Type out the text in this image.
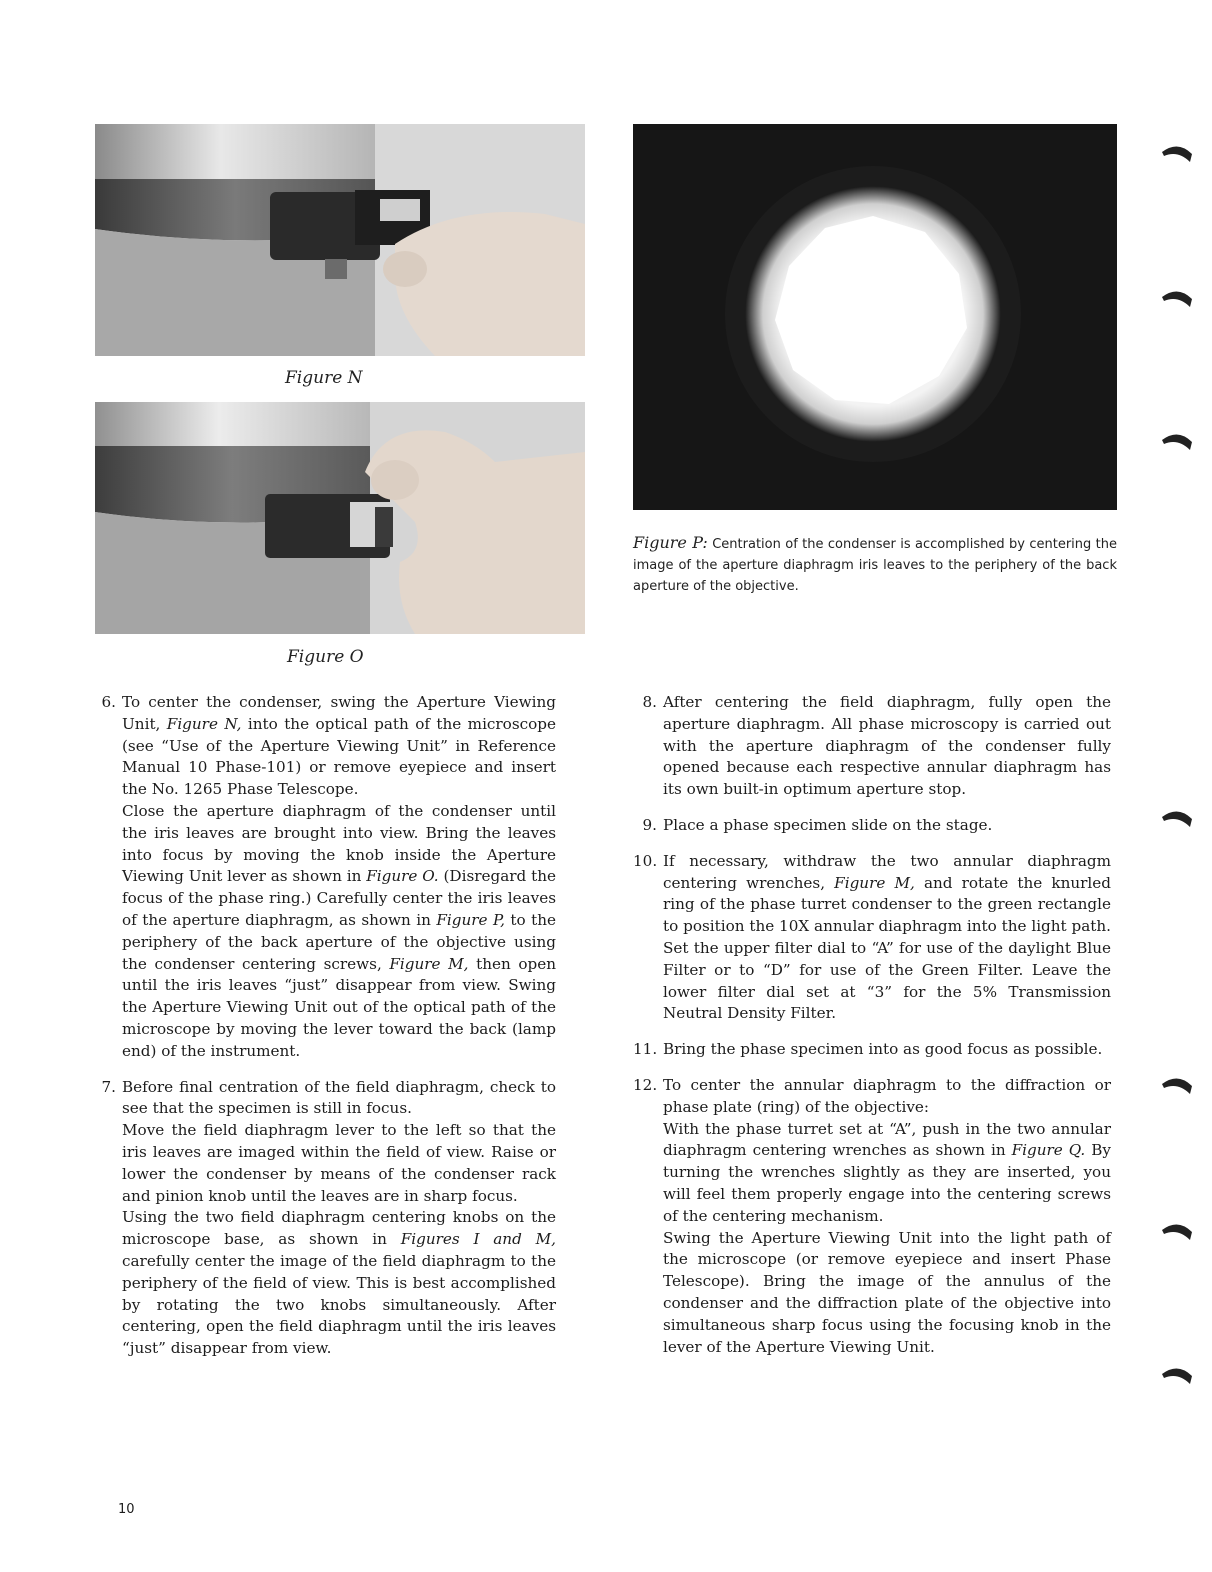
Figure N
Figure O
Figure P: Centration of the condenser is accomplished by centering the image of the aperture diaphragm iris leaves to the periphery of the back aperture of the objective.
6. To center the condenser, swing the Aperture Viewing Unit, Figure N, into the optical path of the microscope (see “Use of the Aperture Viewing Unit” in Reference Manual 10 Phase-101) or remove eyepiece and insert the No. 1265 Phase Telescope.

Close the aperture diaphragm of the condenser until the iris leaves are brought into view. Bring the leaves into focus by moving the knob inside the Aperture Viewing Unit lever as shown in Figure O. (Disregard the focus of the phase ring.) Carefully center the iris leaves of the aperture diaphragm, as shown in Figure P, to the periphery of the back aperture of the objective using the condenser centering screws, Figure M, then open until the iris leaves “just” disappear from view. Swing the Aperture Viewing Unit out of the optical path of the microscope by moving the lever toward the back (lamp end) of the instrument.

7. Before final centration of the field diaphragm, check to see that the specimen is still in focus.

Move the field diaphragm lever to the left so that the iris leaves are imaged within the field of view. Raise or lower the condenser by means of the condenser rack and pinion knob until the leaves are in sharp focus.

Using the two field diaphragm centering knobs on the microscope base, as shown in Figures I and M, carefully center the image of the field diaphragm to the periphery of the field of view. This is best accomplished by rotating the two knobs simultaneously. After centering, open the field diaphragm until the iris leaves “just” disappear from view.

8. After centering the field diaphragm, fully open the aperture diaphragm. All phase microscopy is carried out with the aperture diaphragm of the condenser fully opened because each respective annular diaphragm has its own built-in optimum aperture stop.

9. Place a phase specimen slide on the stage.

10. If necessary, withdraw the two annular diaphragm centering wrenches, Figure M, and rotate the knurled ring of the phase turret condenser to the green rectangle to position the 10X annular diaphragm into the light path. Set the upper filter dial to “A” for use of the daylight Blue Filter or to “D” for use of the Green Filter. Leave the lower filter dial set at “3” for the 5% Transmission Neutral Density Filter.

11. Bring the phase specimen into as good focus as possible.

12. To center the annular diaphragm to the diffraction or phase plate (ring) of the objective:

With the phase turret set at “A”, push in the two annular diaphragm centering wrenches as shown in Figure Q. By turning the wrenches slightly as they are inserted, you will feel them properly engage into the centering screws of the centering mechanism.

Swing the Aperture Viewing Unit into the light path of the microscope (or remove eyepiece and insert Phase Telescope). Bring the image of the annulus of the condenser and the diffraction plate of the objective into simultaneous sharp focus using the focusing knob in the lever of the Aperture Viewing Unit.

10
